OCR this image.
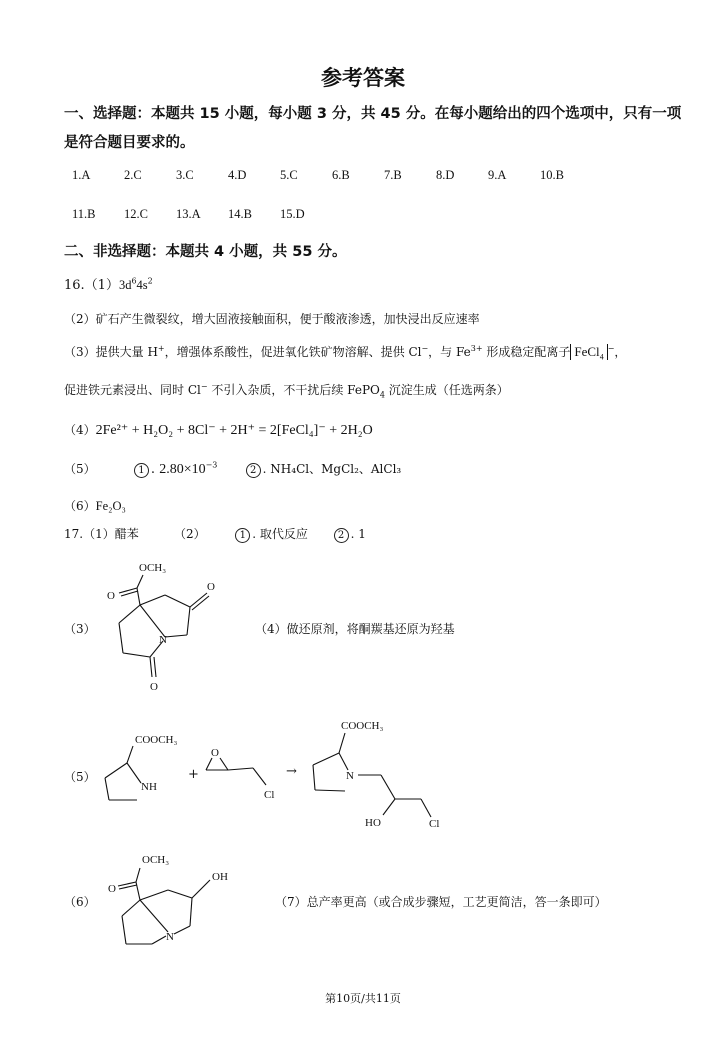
参考答案
一、选择题：本题共 15 小题，每小题 3 分，共 45 分。在每小题给出的四个选项中，只有一项
是符合题目要求的。
1.A	2.C	3.C	4.D	5.C	6.B	7.B	8.D	9.A	10.B
11.B 12.C 13.A 14.B 15.D
二、非选择题：本题共 4 小题，共 55 分。
$16.(1)3d^64s^2$
（2）矿石产生微裂纹，增大固液接触面积，便于酸液渗透，加快浸出反应速率
（3）提供大量 H+，增强体系酸性，促进氧化铁矿物溶解、提供 Cl−，与 $Fe^{3+}$ 形成稳定配离子 FeCl$_4$−，
促进铁元素浸出、同时 Cl− 不引入杂质，不干扰后续 FePO$_4$ 沉淀生成（任选两条）
（4）2Fe²⁺ + H₂O₂ + 8Cl⁻ + 2H⁺ = 2[FeCl₄]⁻ + 2H₂O
（5）	1 . $2.80\times 10^{-3}$	2 . NH₄Cl、MgCl₂、AlCl₃
（6）Fe₂O₃
17.（1）醋苯	（2）	1 . 取代反应	2 . 1
（3）
OCH₃
O
O
N
O
（4）做还原剂，将酮羰基还原为羟基
（5）
COOCH₃
NH
+
O
Cl
→
COOCH₃
N
HO	Cl
（6）
OCH₃
O
OH
N
（7）总产率更高（或合成步骤短，工艺更简洁，答一条即可）
第10页/共11页
